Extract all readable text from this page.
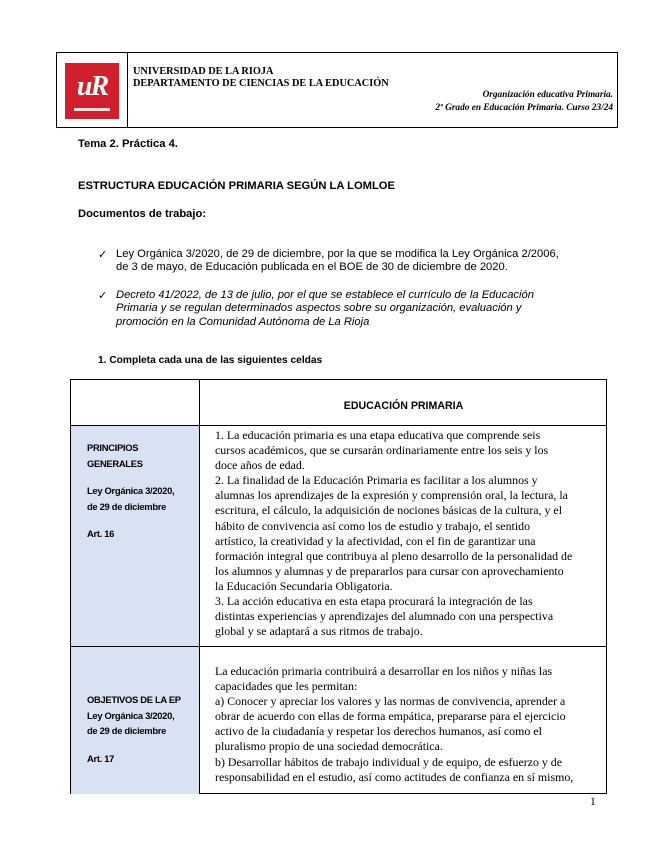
uR	UNIVERSIDAD DE LA RIOJA
DEPARTAMENTO DE CIENCIAS DE LA EDUCACIÓN
Organización educativa Primaria.
2º Grado en Educación Primaria. Curso 23/24
Tema 2. Práctica 4.
ESTRUCTURA EDUCACIÓN PRIMARIA SEGÚN LA LOMLOE
Documentos de trabajo:
✓ Ley Orgánica 3/2020, de 29 de diciembre, por la que se modifica la Ley Orgánica 2/2006,
de 3 de mayo, de Educación publicada en el BOE de 30 de diciembre de 2020.
✓ Decreto 41/2022, de 13 de julio, por el que se establece el currículo de la Educación
Primaria y se regulan determinados aspectos sobre su organización, evaluación y
promoción en la Comunidad Autónoma de La Rioja
1. Completa cada una de las siguientes celdas
EDUCACIÓN PRIMARIA
PRINCIPIOS
GENERALES
Ley Orgánica 3/2020,
de 29 de diciembre
Art. 16

1. La educación primaria es una etapa educativa que comprende seis

cursos académicos, que se cursarán ordinariamente entre los seis y los

doce años de edad.

2. La finalidad de la Educación Primaria es facilitar a los alumnos y

alumnas los aprendizajes de la expresión y comprensión oral, la lectura, la

escritura, el cálculo, la adquisición de nociones básicas de la cultura, y el

hábito de convivencia así como los de estudio y trabajo, el sentido

artístico, la creatividad y la afectividad, con el fin de garantizar una

formación integral que contribuya al pleno desarrollo de la personalidad de

los alumnos y alumnas y de prepararlos para cursar con aprovechamiento

la Educación Secundaria Obligatoria.

3. La acción educativa en esta etapa procurará la integración de las

distintas experiencias y aprendizajes del alumnado con una perspectiva

global y se adaptará a sus ritmos de trabajo.

OBJETIVOS DE LA EP
Ley Orgánica 3/2020,
de 29 de diciembre
Art. 17

La educación primaria contribuirá a desarrollar en los niños y niñas las

capacidades que les permitan:

a) Conocer y apreciar los valores y las normas de convivencia, aprender a

obrar de acuerdo con ellas de forma empática, prepararse para el ejercicio

activo de la ciudadanía y respetar los derechos humanos, así como el

pluralismo propio de una sociedad democrática.

b) Desarrollar hábitos de trabajo individual y de equipo, de esfuerzo y de

responsabilidad en el estudio, así como actitudes de confianza en sí mismo,

1
